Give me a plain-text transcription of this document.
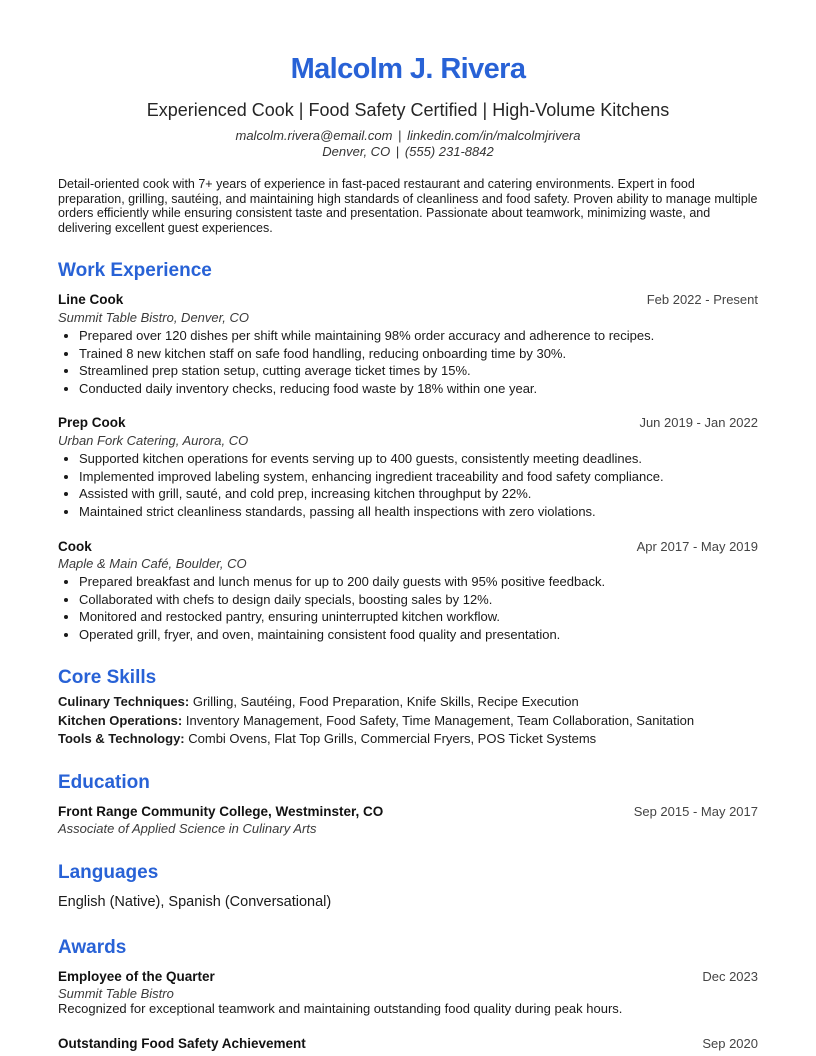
Malcolm J. Rivera
Experienced Cook | Food Safety Certified | High-Volume Kitchens
malcolm.rivera@email.com | linkedin.com/in/malcolmjrivera
Denver, CO | (555) 231-8842

Detail-oriented cook with 7+ years of experience in fast-paced restaurant and catering environments. Expert in food preparation, grilling, sautéing, and maintaining high standards of cleanliness and food safety. Proven ability to manage multiple orders efficiently while ensuring consistent taste and presentation. Passionate about teamwork, minimizing waste, and delivering excellent guest experiences.

Work Experience
Line Cook	Feb 2022 - Present
Summit Table Bistro, Denver, CO
• Prepared over 120 dishes per shift while maintaining 98% order accuracy and adherence to recipes.
• Trained 8 new kitchen staff on safe food handling, reducing onboarding time by 30%.
• Streamlined prep station setup, cutting average ticket times by 15%.
• Conducted daily inventory checks, reducing food waste by 18% within one year.
Prep Cook	Jun 2019 - Jan 2022
Urban Fork Catering, Aurora, CO
• Supported kitchen operations for events serving up to 400 guests, consistently meeting deadlines.
• Implemented improved labeling system, enhancing ingredient traceability and food safety compliance.
• Assisted with grill, sauté, and cold prep, increasing kitchen throughput by 22%.
• Maintained strict cleanliness standards, passing all health inspections with zero violations.
Cook	Apr 2017 - May 2019
Maple & Main Café, Boulder, CO
• Prepared breakfast and lunch menus for up to 200 daily guests with 95% positive feedback.
• Collaborated with chefs to design daily specials, boosting sales by 12%.
• Monitored and restocked pantry, ensuring uninterrupted kitchen workflow.
• Operated grill, fryer, and oven, maintaining consistent food quality and presentation.
Core Skills
Culinary Techniques: Grilling, Sautéing, Food Preparation, Knife Skills, Recipe Execution
Kitchen Operations: Inventory Management, Food Safety, Time Management, Team Collaboration, Sanitation
Tools & Technology: Combi Ovens, Flat Top Grills, Commercial Fryers, POS Ticket Systems
Education
Front Range Community College, Westminster, CO	Sep 2015 - May 2017
Associate of Applied Science in Culinary Arts
Languages
English (Native), Spanish (Conversational)
Awards
Employee of the Quarter	Dec 2023
Summit Table Bistro
Recognized for exceptional teamwork and maintaining outstanding food quality during peak hours.
Outstanding Food Safety Achievement	Sep 2020
